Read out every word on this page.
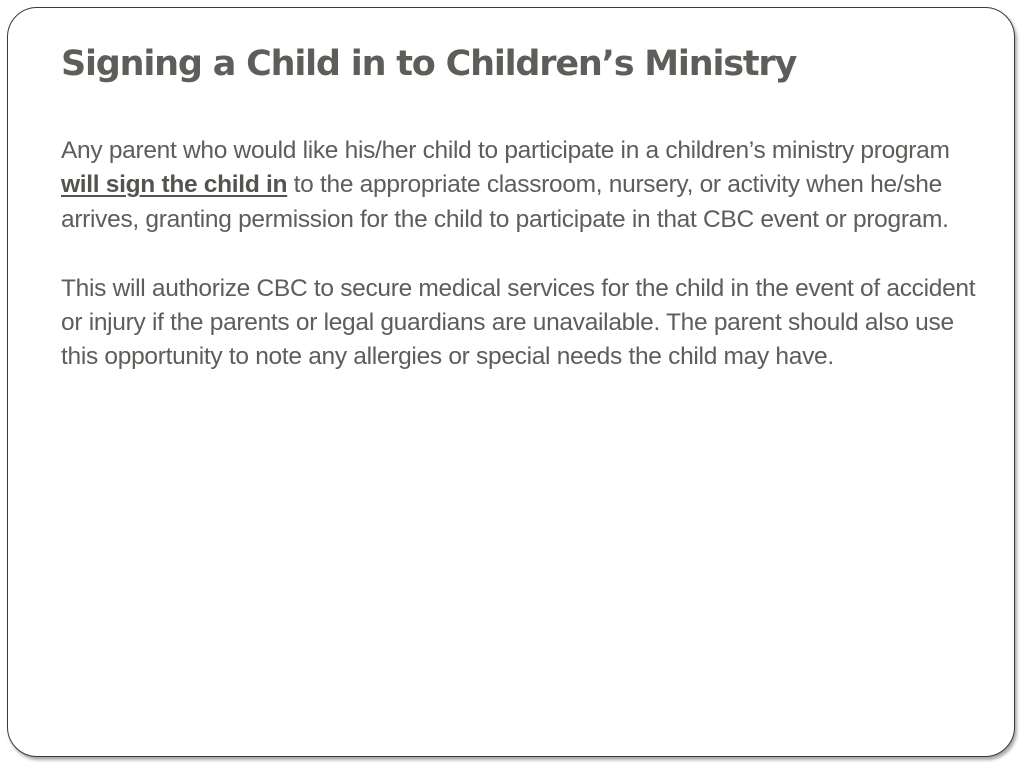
Signing a Child in to Children’s Ministry

Any parent who would like his/her child to participate in a children’s ministry program will sign the child in to the appropriate classroom, nursery, or activity when he/she arrives, granting permission for the child to participate in that CBC event or program.

This will authorize CBC to secure medical services for the child in the event of accident or injury if the parents or legal guardians are unavailable. The parent should also use this opportunity to note any allergies or special needs the child may have.
